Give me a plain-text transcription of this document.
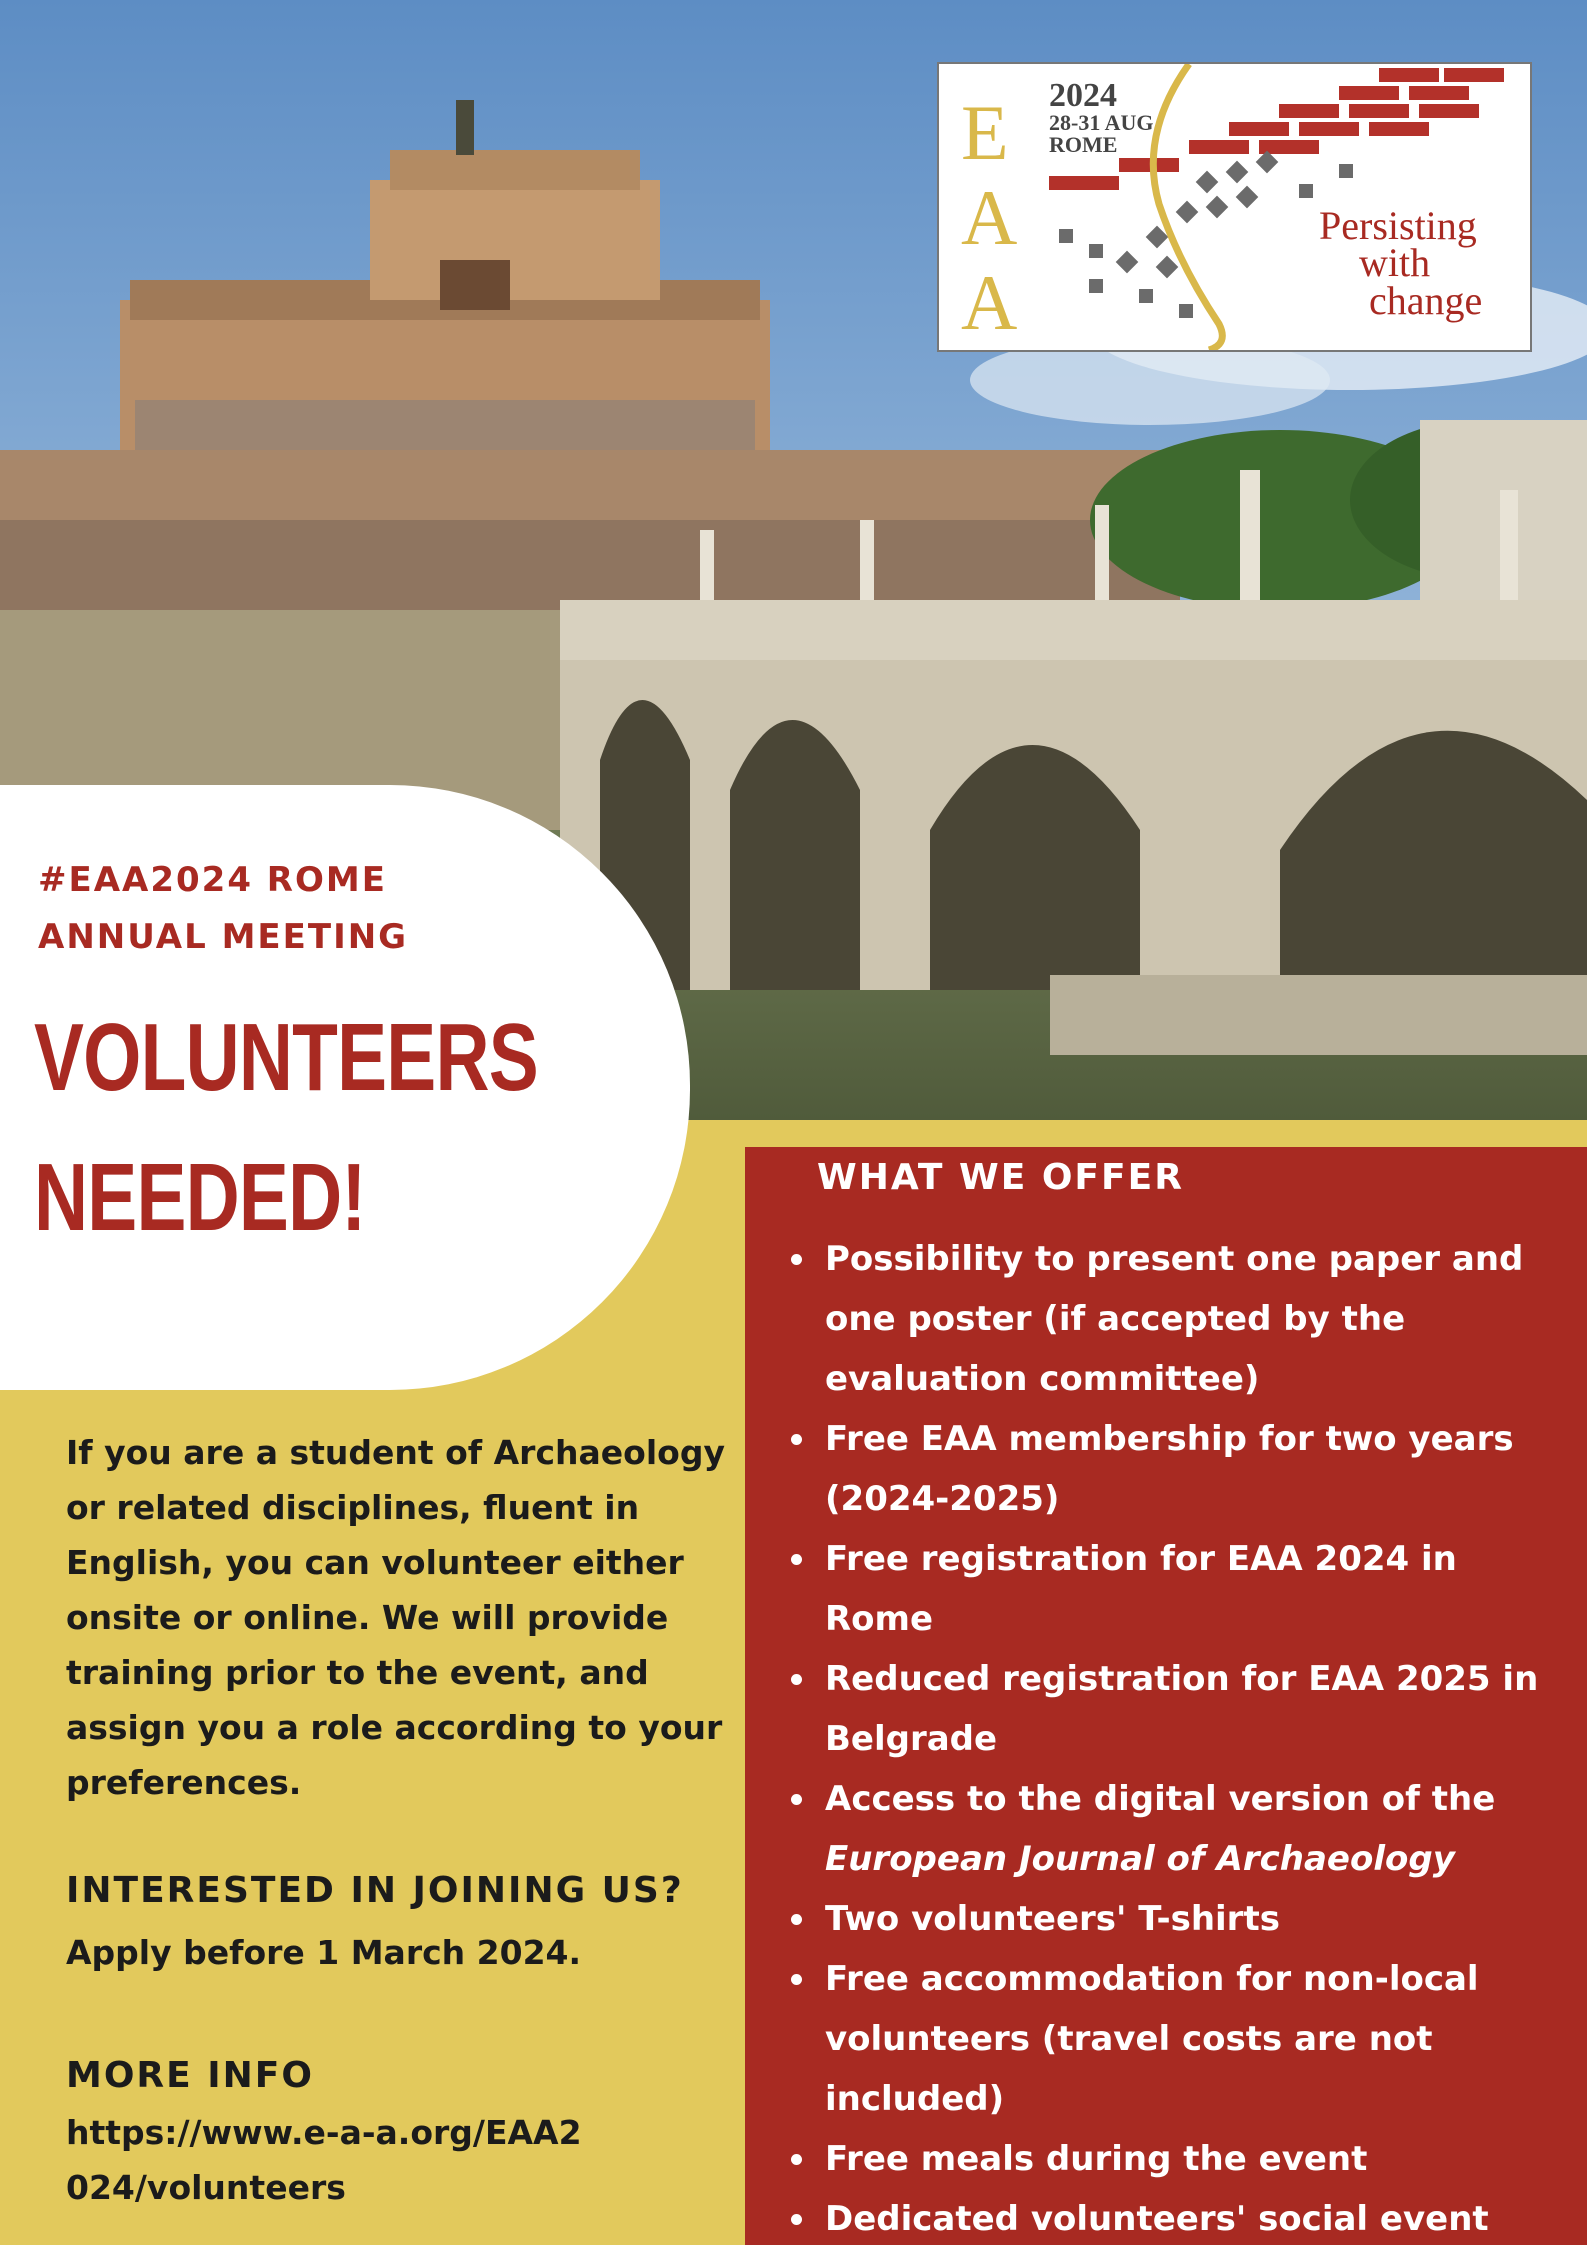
E
A
A
2024
28-31 AUG
ROME
Persisting
with
change
#EAA2024 ROME
ANNUAL MEETING
VOLUNTEERS
NEEDED!
If you are a student of Archaeology or related disciplines, fluent in English, you can volunteer either onsite or online. We will provide training prior to the event, and assign you a role according to your preferences.
INTERESTED IN JOINING US?
Apply before 1 March 2024.
MORE INFO
https://www.e-a-a.org/EAA2024/volunteers
WHAT WE OFFER
Possibility to present one paper and one poster (if accepted by the evaluation committee)
Free EAA membership for two years (2024-2025)
Free registration for EAA 2024 in Rome
Reduced registration for EAA 2025 in Belgrade
Access to the digital version of the
European Journal of Archaeology
Two volunteers' T-shirts
Free accommodation for non-local volunteers (travel costs are not included)
Free meals during the event
Dedicated volunteers' social event
